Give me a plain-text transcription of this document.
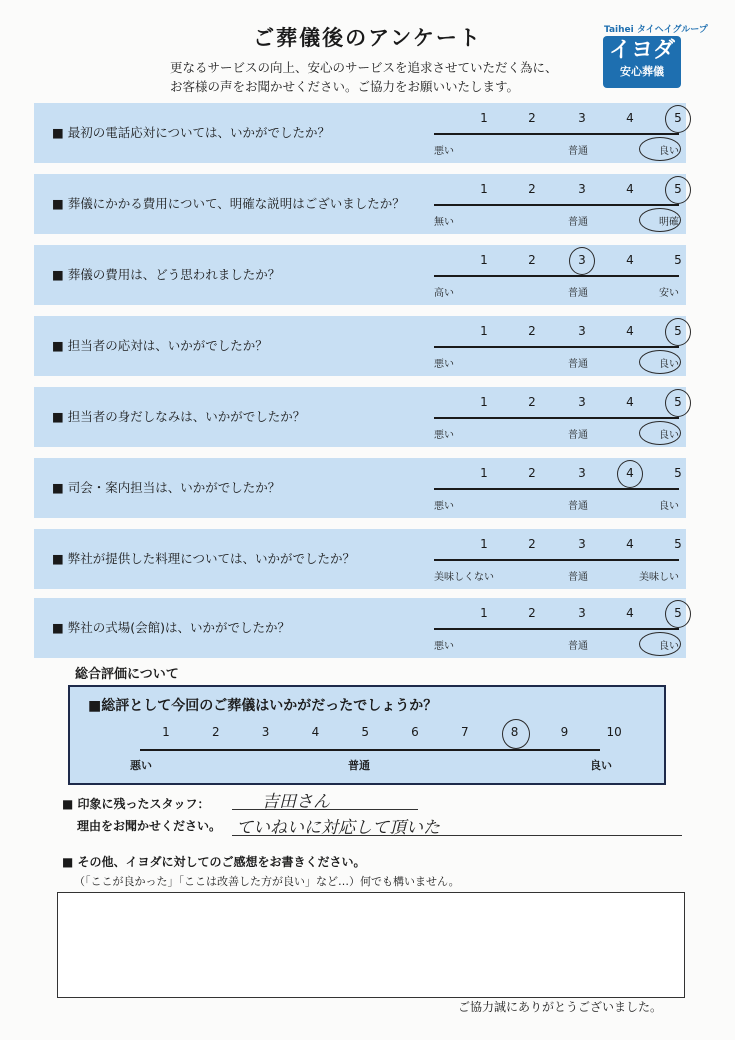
ご葬儀後のアンケート
更なるサービスの向上、安心のサービスを追求させていただく為に、
お客様の声をお聞かせください。ご協力をお願いいたします。
Taihei タイヘイグループ
イヨダ
安心葬儀
■ 最初の電話応対については、いかがでしたか？
1	2	3	4	5
悪い	普通	良い
■ 葬儀にかかる費用について、明確な説明はございましたか？
1	2	3	4	5
無い	普通	明確
■ 葬儀の費用は、どう思われましたか？
1	2	3	4	5
高い	普通	安い
■ 担当者の応対は、いかがでしたか？
1	2	3	4	5
悪い	普通	良い
■ 担当者の身だしなみは、いかがでしたか？
1	2	3	4	5
悪い	普通	良い
■ 司会・案内担当は、いかがでしたか？
1	2	3	4	5
悪い	普通	良い
■ 弊社が提供した料理については、いかがでしたか？
1	2	3	4	5
美味しくない	普通	美味しい
■ 弊社の式場(会館)は、いかがでしたか？
1	2	3	4	5
悪い	普通	良い
総合評価について
■総評として今回のご葬儀はいかがだったでしょうか？
悪い	普通	良い
1	2	3	4	5	6	7	8	9	10
■ 印象に残ったスタッフ：	吉田さん
理由をお聞かせください。 ていねいに対応して頂いた
■ その他、イヨダに対してのご感想をお書きください。
（「ここが良かった」「ここは改善した方が良い」など…）何でも構いません。
ご協力誠にありがとうございました。
